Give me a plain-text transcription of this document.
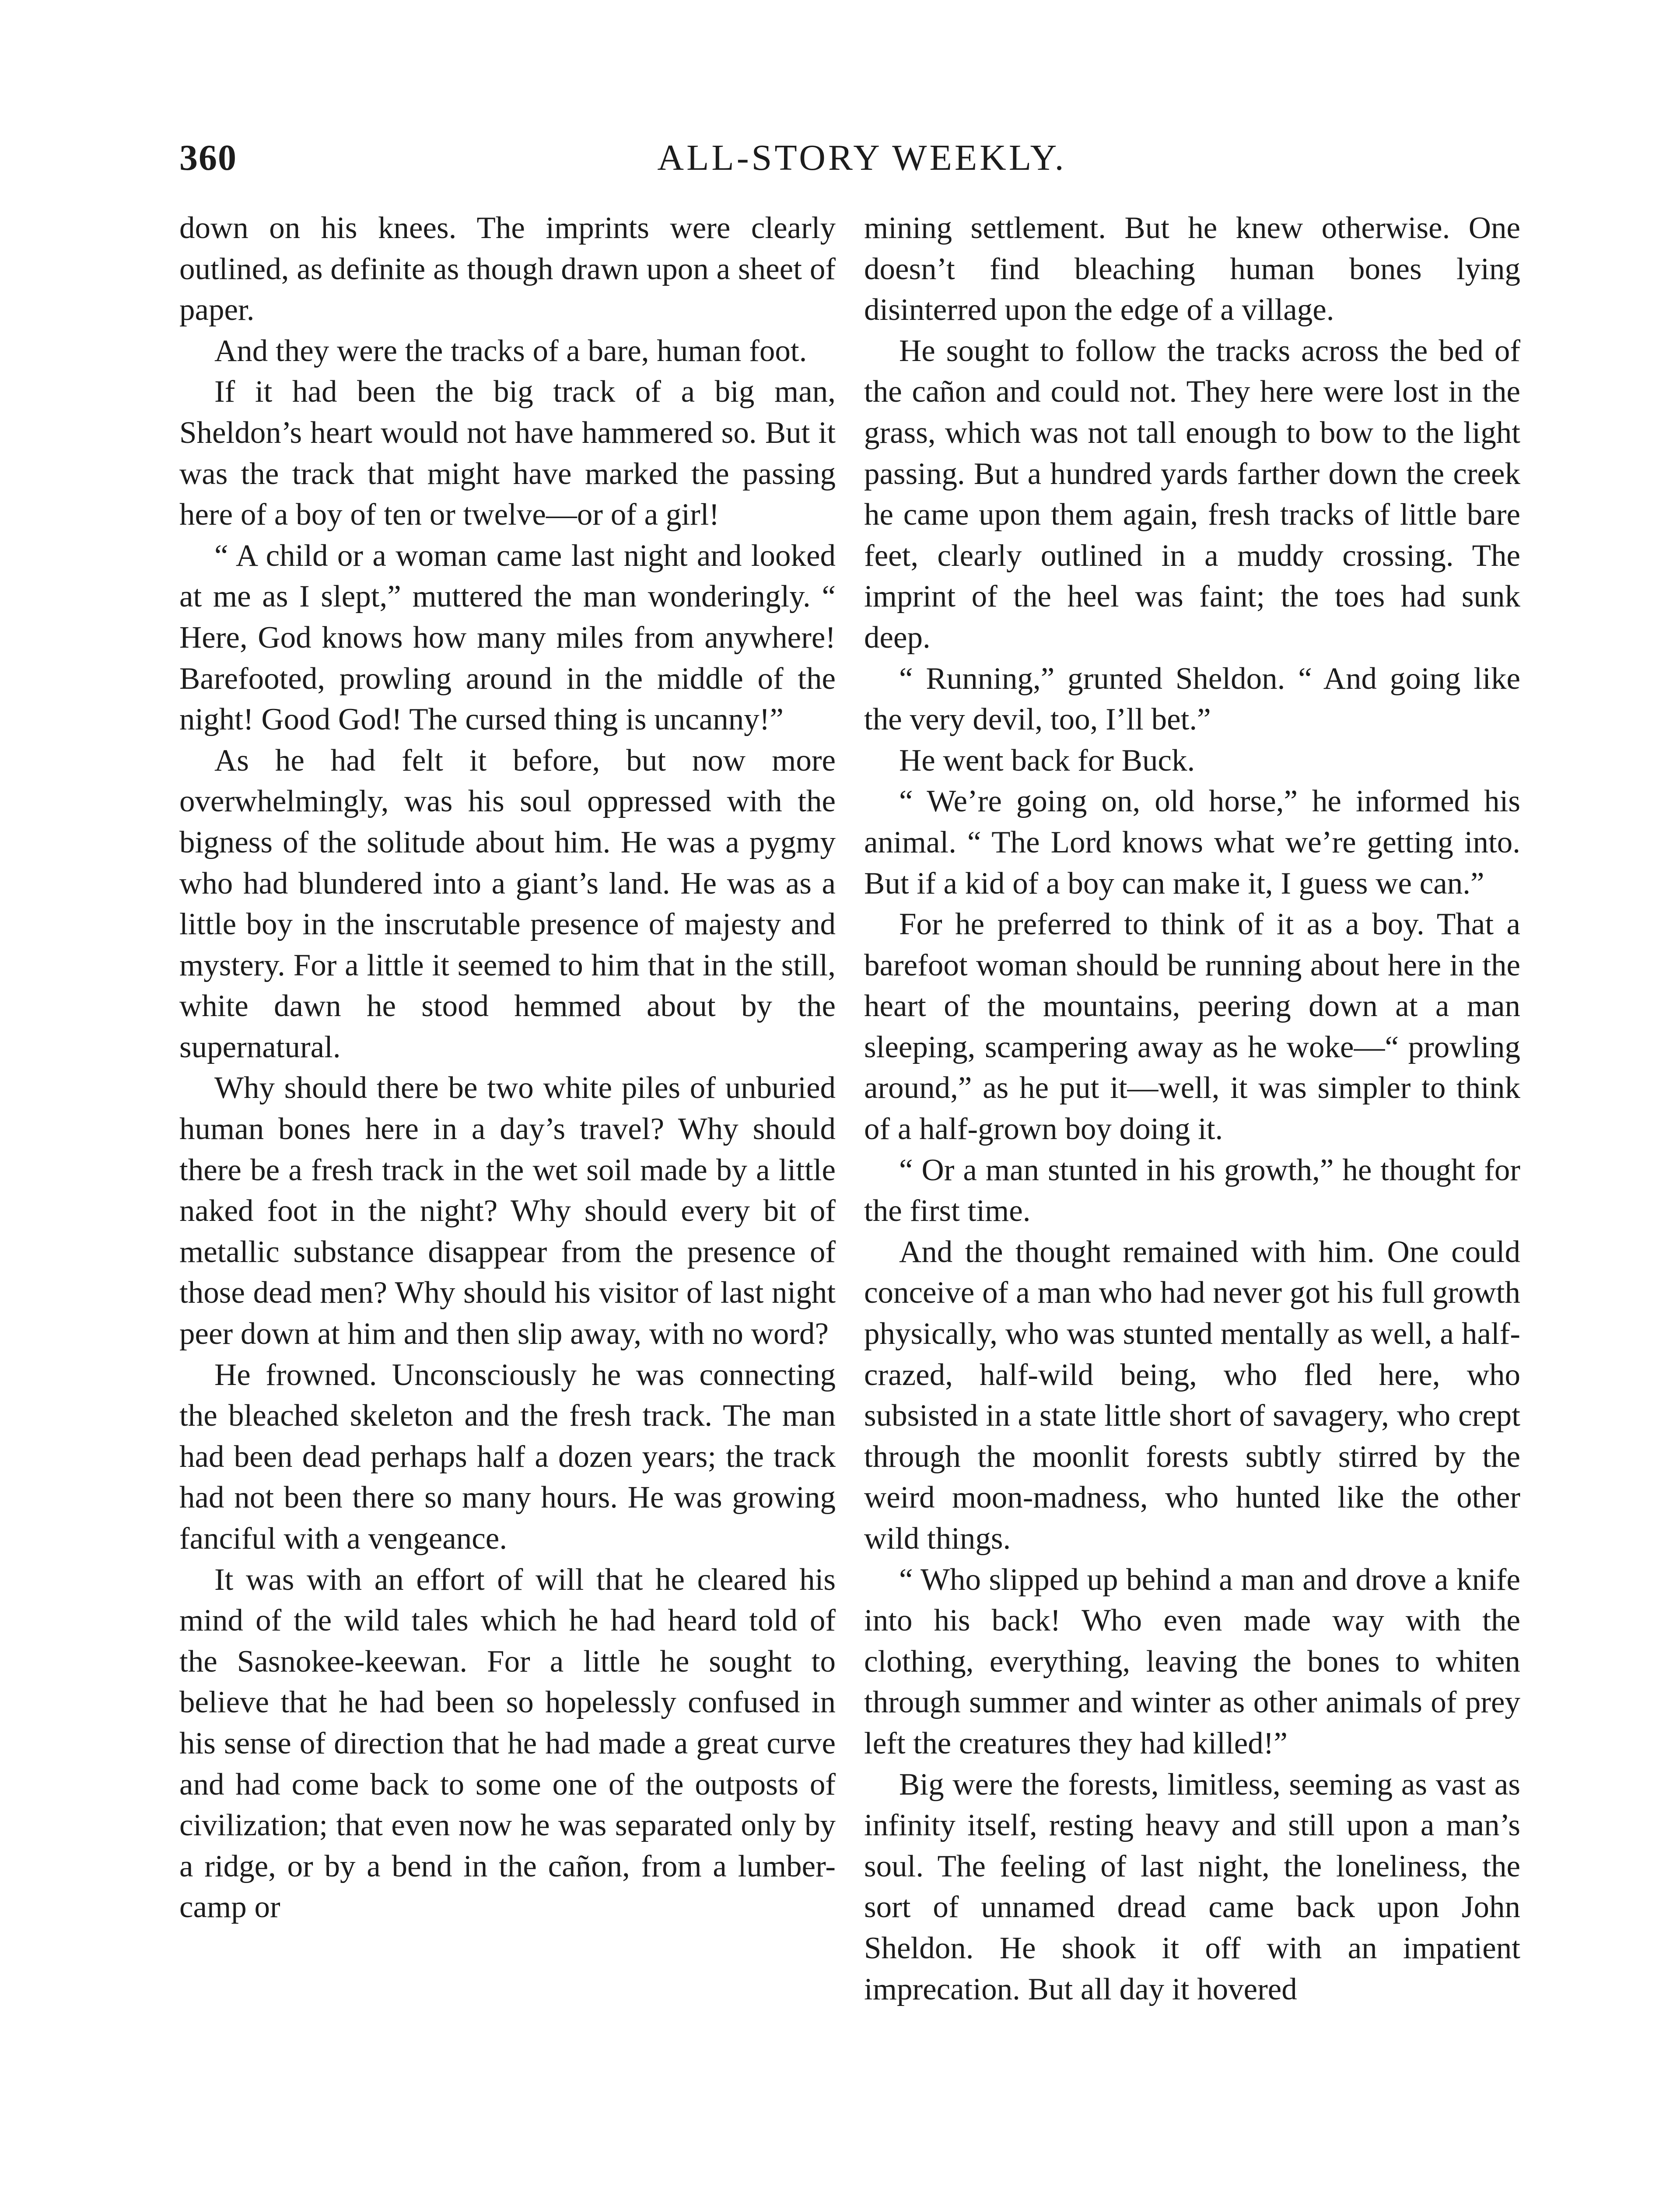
360	ALL-STORY WEEKLY.

down on his knees. The imprints were clearly outlined, as definite as though drawn upon a sheet of paper.

And they were the tracks of a bare, human foot.

If it had been the big track of a big man, Sheldon’s heart would not have hammered so. But it was the track that might have marked the passing here of a boy of ten or twelve—or of a girl!

“ A child or a woman came last night and looked at me as I slept,” muttered the man wonderingly. “ Here, God knows how many miles from anywhere! Barefooted, prowling around in the middle of the night! Good God! The cursed thing is uncanny!”

As he had felt it before, but now more overwhelmingly, was his soul oppressed with the bigness of the solitude about him. He was a pygmy who had blundered into a giant’s land. He was as a little boy in the inscrutable presence of majesty and mystery. For a little it seemed to him that in the still, white dawn he stood hemmed about by the supernatural.

Why should there be two white piles of unburied human bones here in a day’s travel? Why should there be a fresh track in the wet soil made by a little naked foot in the night? Why should every bit of metallic substance disappear from the presence of those dead men? Why should his visitor of last night peer down at him and then slip away, with no word?

He frowned. Unconsciously he was connecting the bleached skeleton and the fresh track. The man had been dead perhaps half a dozen years; the track had not been there so many hours. He was growing fanciful with a vengeance.

It was with an effort of will that he cleared his mind of the wild tales which he had heard told of the Sasnokee-keewan. For a little he sought to believe that he had been so hopelessly confused in his sense of direction that he had made a great curve and had come back to some one of the outposts of civilization; that even now he was separated only by a ridge, or by a bend in the cañon, from a lumber-camp or

mining settlement. But he knew otherwise. One doesn’t find bleaching human bones lying disinterred upon the edge of a village.

He sought to follow the tracks across the bed of the cañon and could not. They here were lost in the grass, which was not tall enough to bow to the light passing. But a hundred yards farther down the creek he came upon them again, fresh tracks of little bare feet, clearly outlined in a muddy crossing. The imprint of the heel was faint; the toes had sunk deep.

“ Running,” grunted Sheldon. “ And going like the very devil, too, I’ll bet.”

He went back for Buck.

“ We’re going on, old horse,” he informed his animal. “ The Lord knows what we’re getting into. But if a kid of a boy can make it, I guess we can.”

For he preferred to think of it as a boy. That a barefoot woman should be running about here in the heart of the mountains, peering down at a man sleeping, scampering away as he woke—“ prowling around,” as he put it—well, it was simpler to think of a half-grown boy doing it.

“ Or a man stunted in his growth,” he thought for the first time.

And the thought remained with him. One could conceive of a man who had never got his full growth physically, who was stunted mentally as well, a half-crazed, half-wild being, who fled here, who subsisted in a state little short of savagery, who crept through the moonlit forests subtly stirred by the weird moon-madness, who hunted like the other wild things.

“ Who slipped up behind a man and drove a knife into his back! Who even made way with the clothing, everything, leaving the bones to whiten through summer and winter as other animals of prey left the creatures they had killed!”

Big were the forests, limitless, seeming as vast as infinity itself, resting heavy and still upon a man’s soul. The feeling of last night, the loneliness, the sort of unnamed dread came back upon John Sheldon. He shook it off with an impatient imprecation. But all day it hovered
